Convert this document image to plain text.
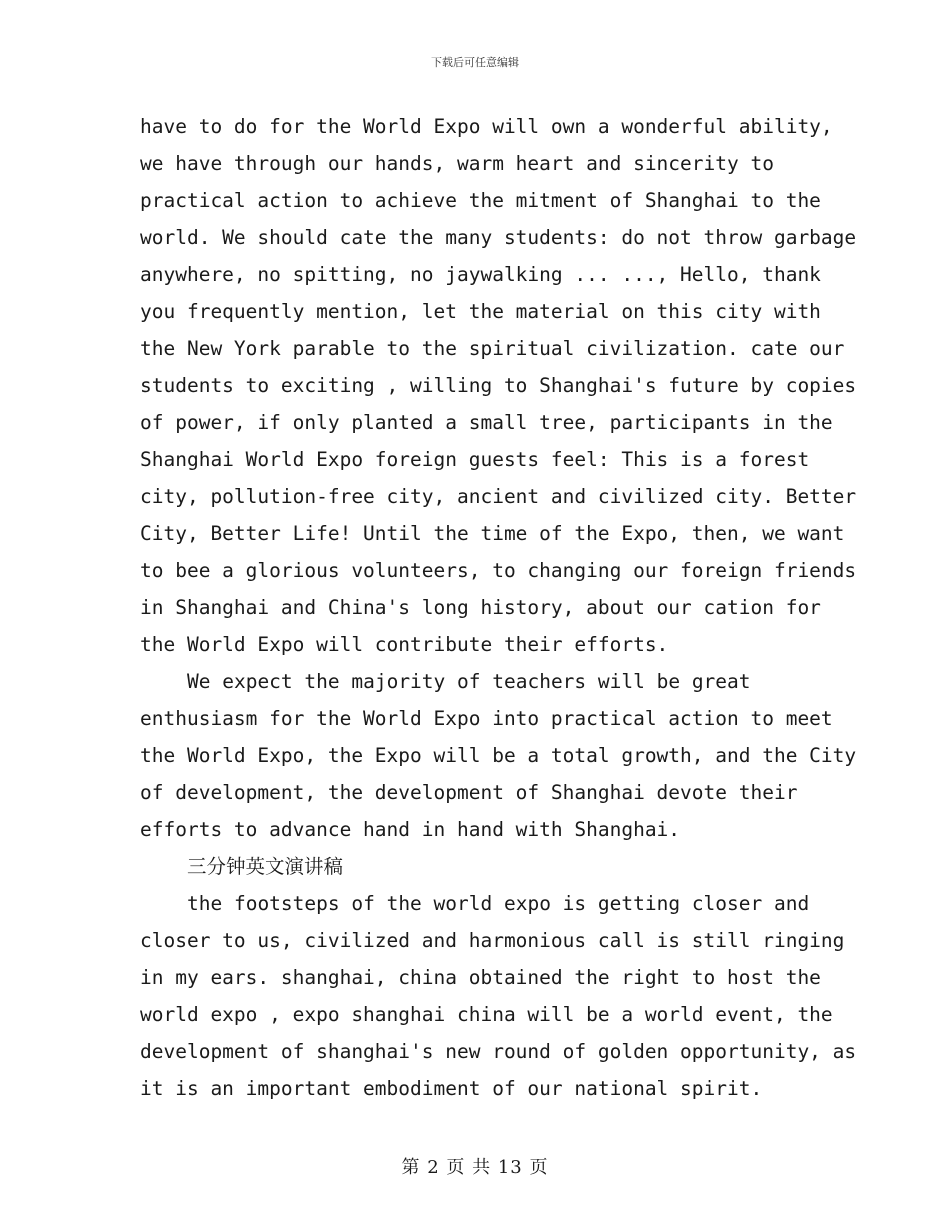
下载后可任意编辑
have to do for the World Expo will own a wonderful ability,
we have through our hands, warm heart and sincerity to
practical action to achieve the mitment of Shanghai to the
world. We should cate the many students: do not throw garbage
anywhere, no spitting, no jaywalking ... ..., Hello, thank
you frequently mention, let the material on this city with
the New York parable to the spiritual civilization. cate our
students to exciting , willing to Shanghai's future by copies
of power, if only planted a small tree, participants in the
Shanghai World Expo foreign guests feel: This is a forest
city, pollution-free city, ancient and civilized city. Better
City, Better Life! Until the time of the Expo, then, we want
to bee a glorious volunteers, to changing our foreign friends
in Shanghai and China's long history, about our cation for
the World Expo will contribute their efforts.
We expect the majority of teachers will be great
enthusiasm for the World Expo into practical action to meet
the World Expo, the Expo will be a total growth, and the City
of development, the development of Shanghai devote their
efforts to advance hand in hand with Shanghai.
三分钟英文演讲稿
the footsteps of the world expo is getting closer and
closer to us, civilized and harmonious call is still ringing
in my ears. shanghai, china obtained the right to host the
world expo , expo shanghai china will be a world event, the
development of shanghai's new round of golden opportunity, as
it is an important embodiment of our national spirit.
第 2 页 共 13 页
